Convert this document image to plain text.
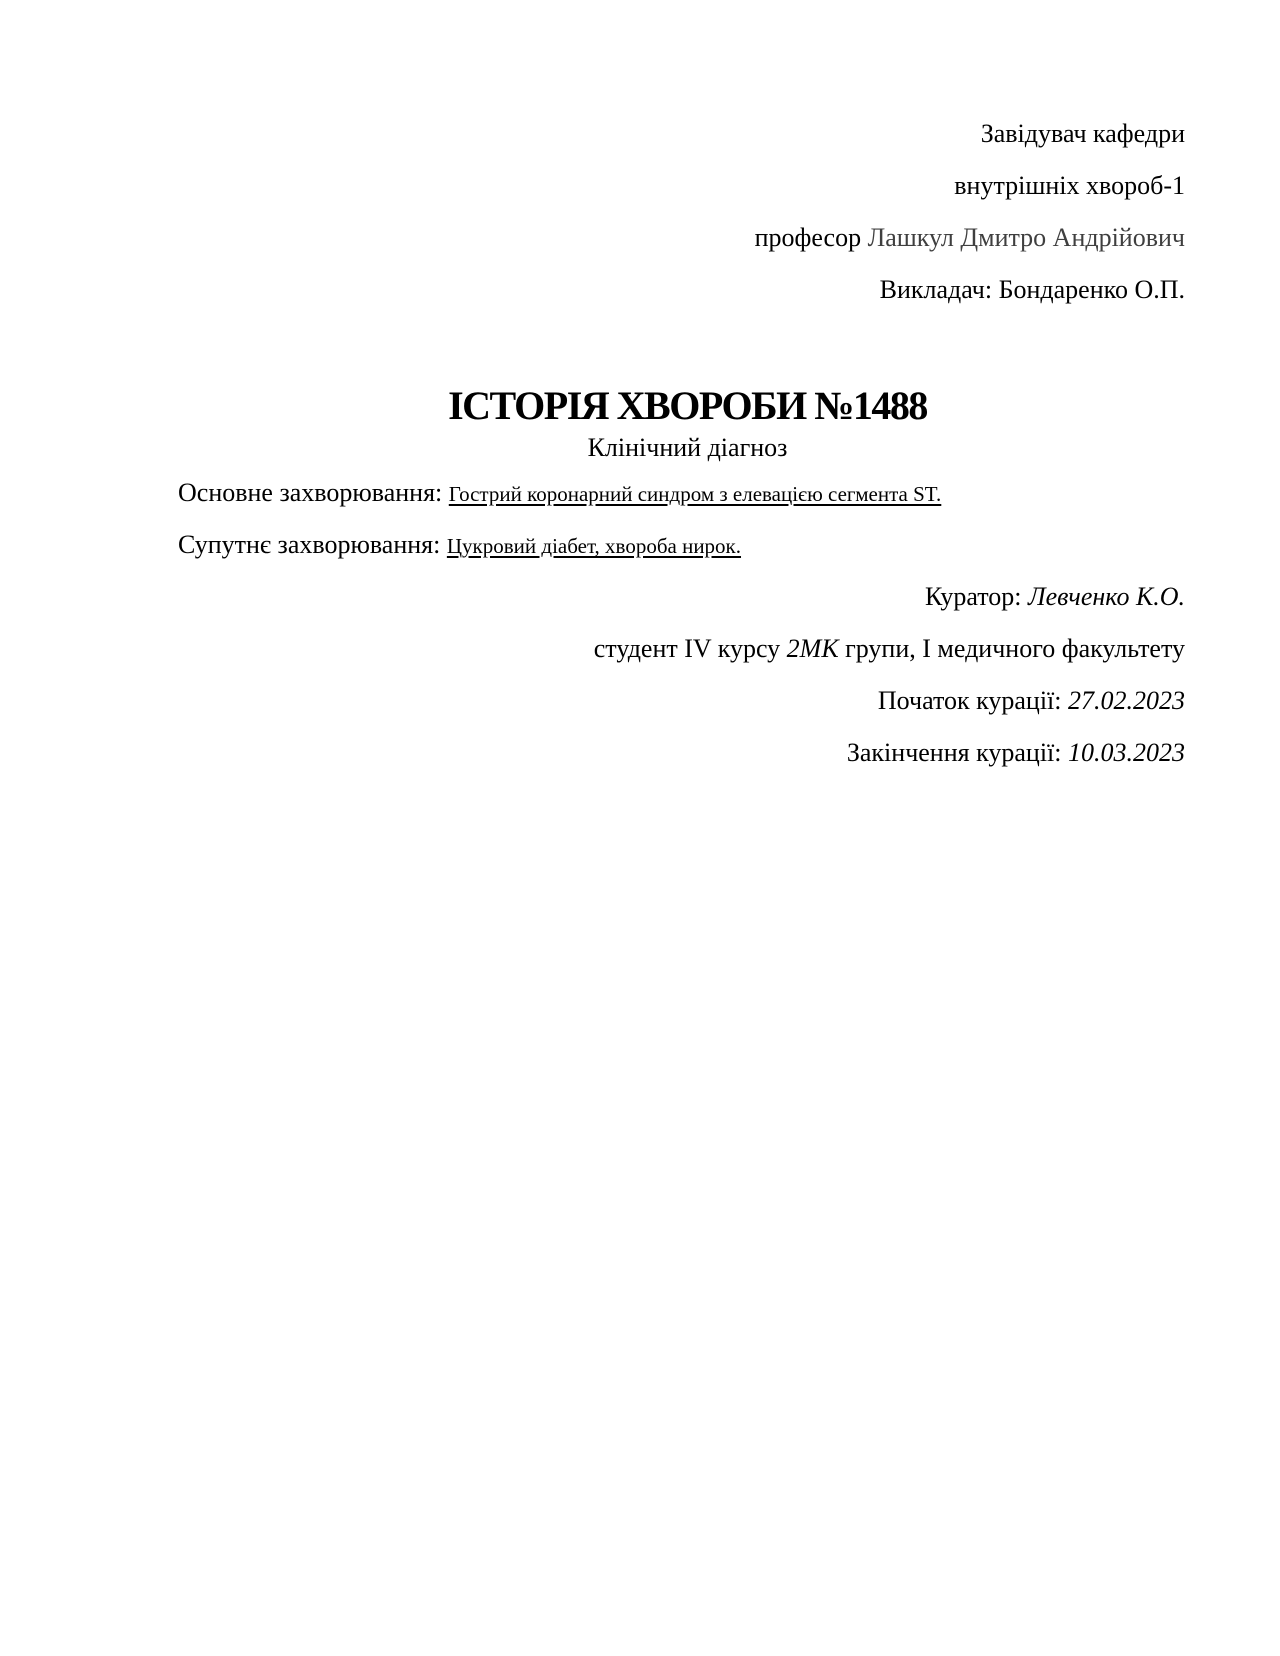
Завідувач кафедри
внутрішніх хвороб-1
професор Лашкул Дмитро Андрійович
Викладач: Бондаренко О.П.
ІСТОРІЯ ХВОРОБИ №1488
Клінічний діагноз
Основне захворювання: Гострий коронарний синдром з елевацією сегмента ST.
Супутнє захворювання: Цукровий діабет, хвороба нирок.
Куратор: Левченко К.О.
студент IV курсу 2МК групи, І медичного факультету
Початок курації: 27.02.2023
Закінчення курації: 10.03.2023
